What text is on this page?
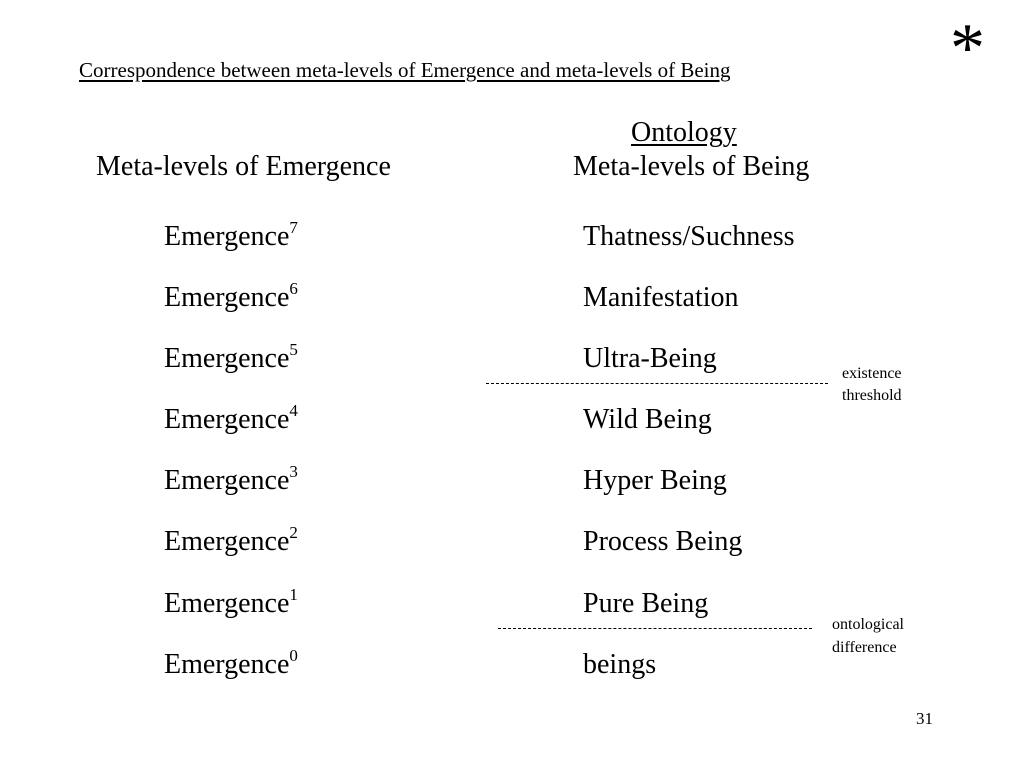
Correspondence between meta-levels of Emergence and meta-levels of Being	*
Ontology
Meta-levels of Emergence	Meta-levels of Being
Emergence$^7$	Thatness/Suchness
Emergence$^6$	Manifestation
Emergence$^5$	Ultra-Being	existence
threshold
Emergence$^4$	Wild Being
Emergence$^3$	Hyper Being
Emergence$^2$	Process Being
Emergence$^1$	Pure Being
ontological
difference
Emergence$^0$	beings
31
